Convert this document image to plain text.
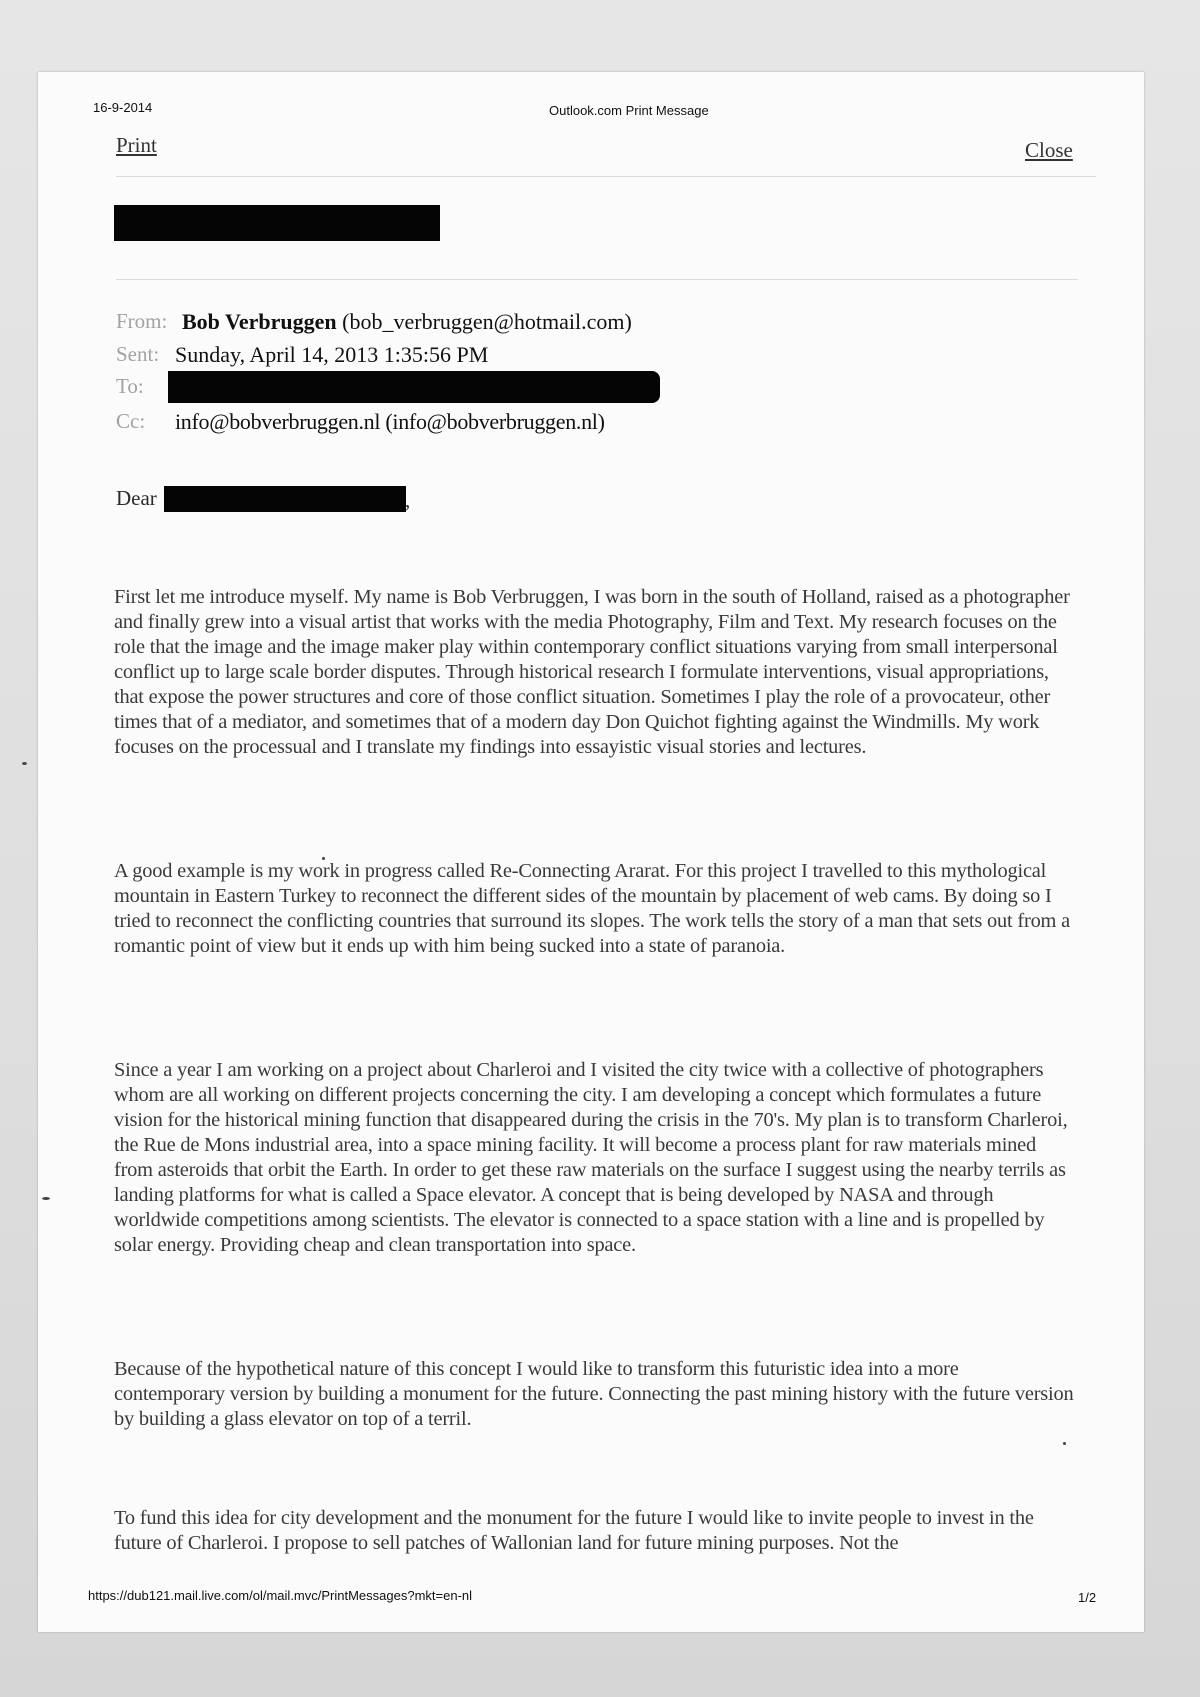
16-9-2014	Outlook.com Print Message
Print	Close
From: Bob Verbruggen (bob_verbruggen@hotmail.com)
Sent: Sunday, April 14, 2013 1:35:56 PM
To:
Cc: info@bobverbruggen.nl (info@bobverbruggen.nl)
Dear	,

First let me introduce myself. My name is Bob Verbruggen, I was born in the south of Holland, raised as a photographer and finally grew into a visual artist that works with the media Photography, Film and Text. My research focuses on the role that the image and the image maker play within contemporary conflict situations varying from small interpersonal conflict up to large scale border disputes. Through historical research I formulate interventions, visual appropriations, that expose the power structures and core of those conflict situation. Sometimes I play the role of a provocateur, other times that of a mediator, and sometimes that of a modern day Don Quichot fighting against the Windmills. My work focuses on the processual and I translate my findings into essayistic visual stories and lectures.

A good example is my work in progress called Re-Connecting Ararat. For this project I travelled to this mythological mountain in Eastern Turkey to reconnect the different sides of the mountain by placement of web cams. By doing so I tried to reconnect the conflicting countries that surround its slopes. The work tells the story of a man that sets out from a romantic point of view but it ends up with him being sucked into a state of paranoia.

Since a year I am working on a project about Charleroi and I visited the city twice with a collective of photographers whom are all working on different projects concerning the city. I am developing a concept which formulates a future vision for the historical mining function that disappeared during the crisis in the 70's. My plan is to transform Charleroi, the Rue de Mons industrial area, into a space mining facility. It will become a process plant for raw materials mined from asteroids that orbit the Earth. In order to get these raw materials on the surface I suggest using the nearby terrils as landing platforms for what is called a Space elevator. A concept that is being developed by NASA and through worldwide competitions among scientists. The elevator is connected to a space station with a line and is propelled by solar energy. Providing cheap and clean transportation into space.

Because of the hypothetical nature of this concept I would like to transform this futuristic idea into a more contemporary version by building a monument for the future. Connecting the past mining history with the future version by building a glass elevator on top of a terril.

To fund this idea for city development and the monument for the future I would like to invite people to invest in the future of Charleroi. I propose to sell patches of Wallonian land for future mining purposes. Not the

https://dub121.mail.live.com/ol/mail.mvc/PrintMessages?mkt=en-nl	1/2
